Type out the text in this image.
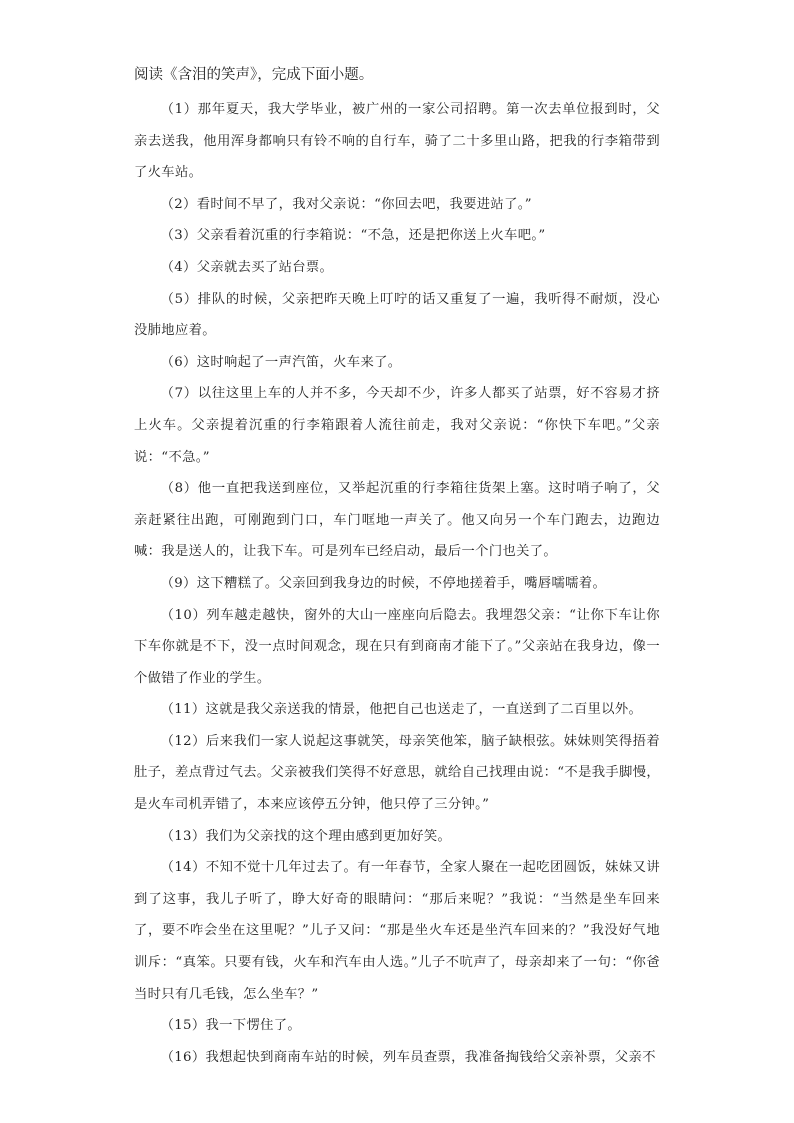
阅读《含泪的笑声》，完成下面小题。

（1）那年夏天，我大学毕业，被广州的一家公司招聘。第一次去单位报到时，父亲去送我，他用浑身都响只有铃不响的自行车，骑了二十多里山路，把我的行李箱带到了火车站。

（2）看时间不早了，我对父亲说：“你回去吧，我要进站了。”

（3）父亲看着沉重的行李箱说：“不急，还是把你送上火车吧。”

（4）父亲就去买了站台票。

（5）排队的时候，父亲把昨天晚上叮咛的话又重复了一遍，我听得不耐烦，没心没肺地应着。

（6）这时响起了一声汽笛，火车来了。

（7）以往这里上车的人并不多，今天却不少，许多人都买了站票，好不容易才挤上火车。父亲提着沉重的行李箱跟着人流往前走，我对父亲说：“你快下车吧。”父亲说：“不急。”

（8）他一直把我送到座位，又举起沉重的行李箱往货架上塞。这时哨子响了，父亲赶紧往出跑，可刚跑到门口，车门哐地一声关了。他又向另一个车门跑去，边跑边喊：我是送人的，让我下车。可是列车已经启动，最后一个门也关了。

（9）这下糟糕了。父亲回到我身边的时候，不停地搓着手，嘴唇嚅嚅着。

（10）列车越走越快，窗外的大山一座座向后隐去。我埋怨父亲：“让你下车让你下车你就是不下，没一点时间观念，现在只有到商南才能下了。”父亲站在我身边，像一个做错了作业的学生。

（11）这就是我父亲送我的情景，他把自己也送走了，一直送到了二百里以外。

（12）后来我们一家人说起这事就笑，母亲笑他笨，脑子缺根弦。妹妹则笑得捂着肚子，差点背过气去。父亲被我们笑得不好意思，就给自己找理由说：“不是我手脚慢，是火车司机弄错了，本来应该停五分钟，他只停了三分钟。”

（13）我们为父亲找的这个理由感到更加好笑。

（14）不知不觉十几年过去了。有一年春节，全家人聚在一起吃团圆饭，妹妹又讲到了这事，我儿子听了，睁大好奇的眼睛问：“那后来呢？”我说：“当然是坐车回来了，要不咋会坐在这里呢？”儿子又问：“那是坐火车还是坐汽车回来的？”我没好气地训斥：“真笨。只要有钱，火车和汽车由人选。”儿子不吭声了，母亲却来了一句：“你爸当时只有几毛钱，怎么坐车？”

（15）我一下愣住了。

（16）我想起快到商南车站的时候，列车员查票，我准备掏钱给父亲补票，父亲不
